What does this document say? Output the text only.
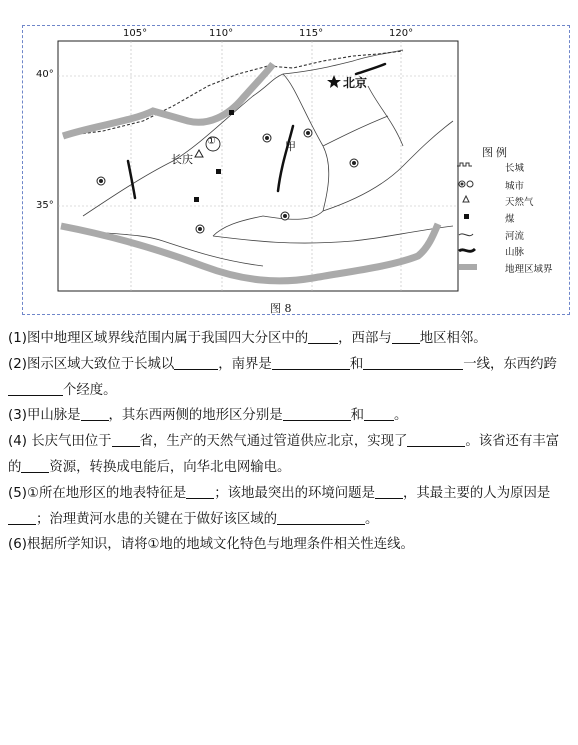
105°	110°	115°	120°
40°
35°
北京
长庆
甲
①
图例
长城
城市
天然气
煤
河流
山脉
地理区域界
图 8

(1)图中地理区域界线范围内属于我国四大分区中的 ，西部与 地区相邻。

(2)图示区域大致位于长城以	，南界是	和	一线，东西约跨个经度。

(3)甲山脉是 ，其东西两侧的地形区分别是	和 。

(4) 长庆气田位于 省，生产的天然气通过管道供应北京，实现了	。该省还有丰富的 资源，转换成电能后，向华北电网输电。

(5)①所在地形区的地表特征是 ；该地最突出的环境问题是 ，其最主要的人为原因是；治理黄河水患的关键在于做好该区域的	。

(6)根据所学知识，请将①地的地域文化特色与地理条件相关性连线。
